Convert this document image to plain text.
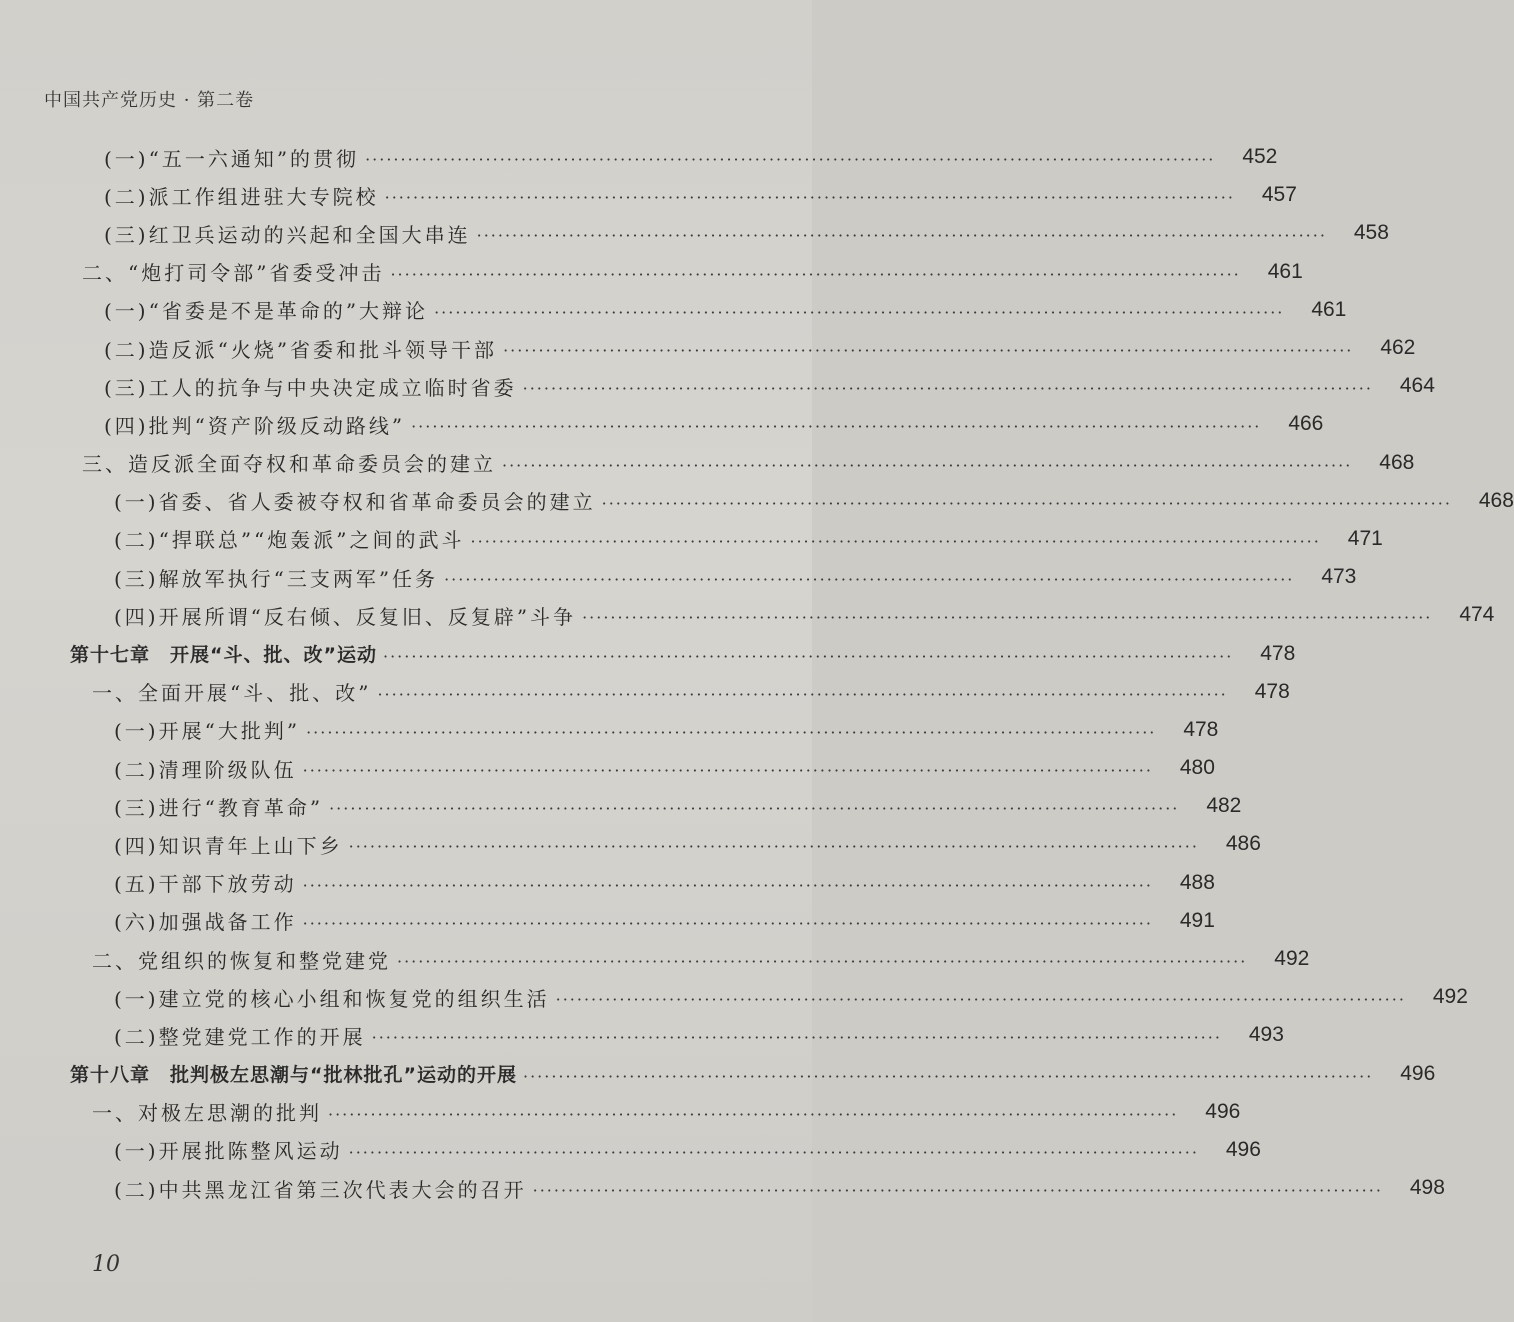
中国共产党历史 · 第二卷
(一)“五一六通知”的贯彻 ························································································································	452
(二)派工作组进驻大专院校 ························································································································	457
(三)红卫兵运动的兴起和全国大串连 ························································································································	458
二、“炮打司令部”省委受冲击 ························································································································	461
(一)“省委是不是革命的”大辩论 ························································································································	461
(二)造反派“火烧”省委和批斗领导干部 ························································································································	462
(三)工人的抗争与中央决定成立临时省委 ························································································································	464
(四)批判“资产阶级反动路线” ························································································································	466
三、造反派全面夺权和革命委员会的建立 ························································································································	468
(一)省委、省人委被夺权和省革命委员会的建立 ························································································································	468
(二)“捍联总”“炮轰派”之间的武斗 ························································································································	471
(三)解放军执行“三支两军”任务 ························································································································	473
(四)开展所谓“反右倾、反复旧、反复辟”斗争 ························································································································	474
第十七章　开展“斗、批、改”运动 ························································································································	478
一、全面开展“斗、批、改” ························································································································	478
(一)开展“大批判” ························································································································	478
(二)清理阶级队伍 ························································································································	480
(三)进行“教育革命” ························································································································	482
(四)知识青年上山下乡 ························································································································	486
(五)干部下放劳动 ························································································································	488
(六)加强战备工作 ························································································································	491
二、党组织的恢复和整党建党 ························································································································	492
(一)建立党的核心小组和恢复党的组织生活 ························································································································	492
(二)整党建党工作的开展 ························································································································	493
第十八章　批判极左思潮与“批林批孔”运动的开展 ························································································································	496
一、对极左思潮的批判 ························································································································	496
(一)开展批陈整风运动 ························································································································	496
(二)中共黑龙江省第三次代表大会的召开 ························································································································	498
10
